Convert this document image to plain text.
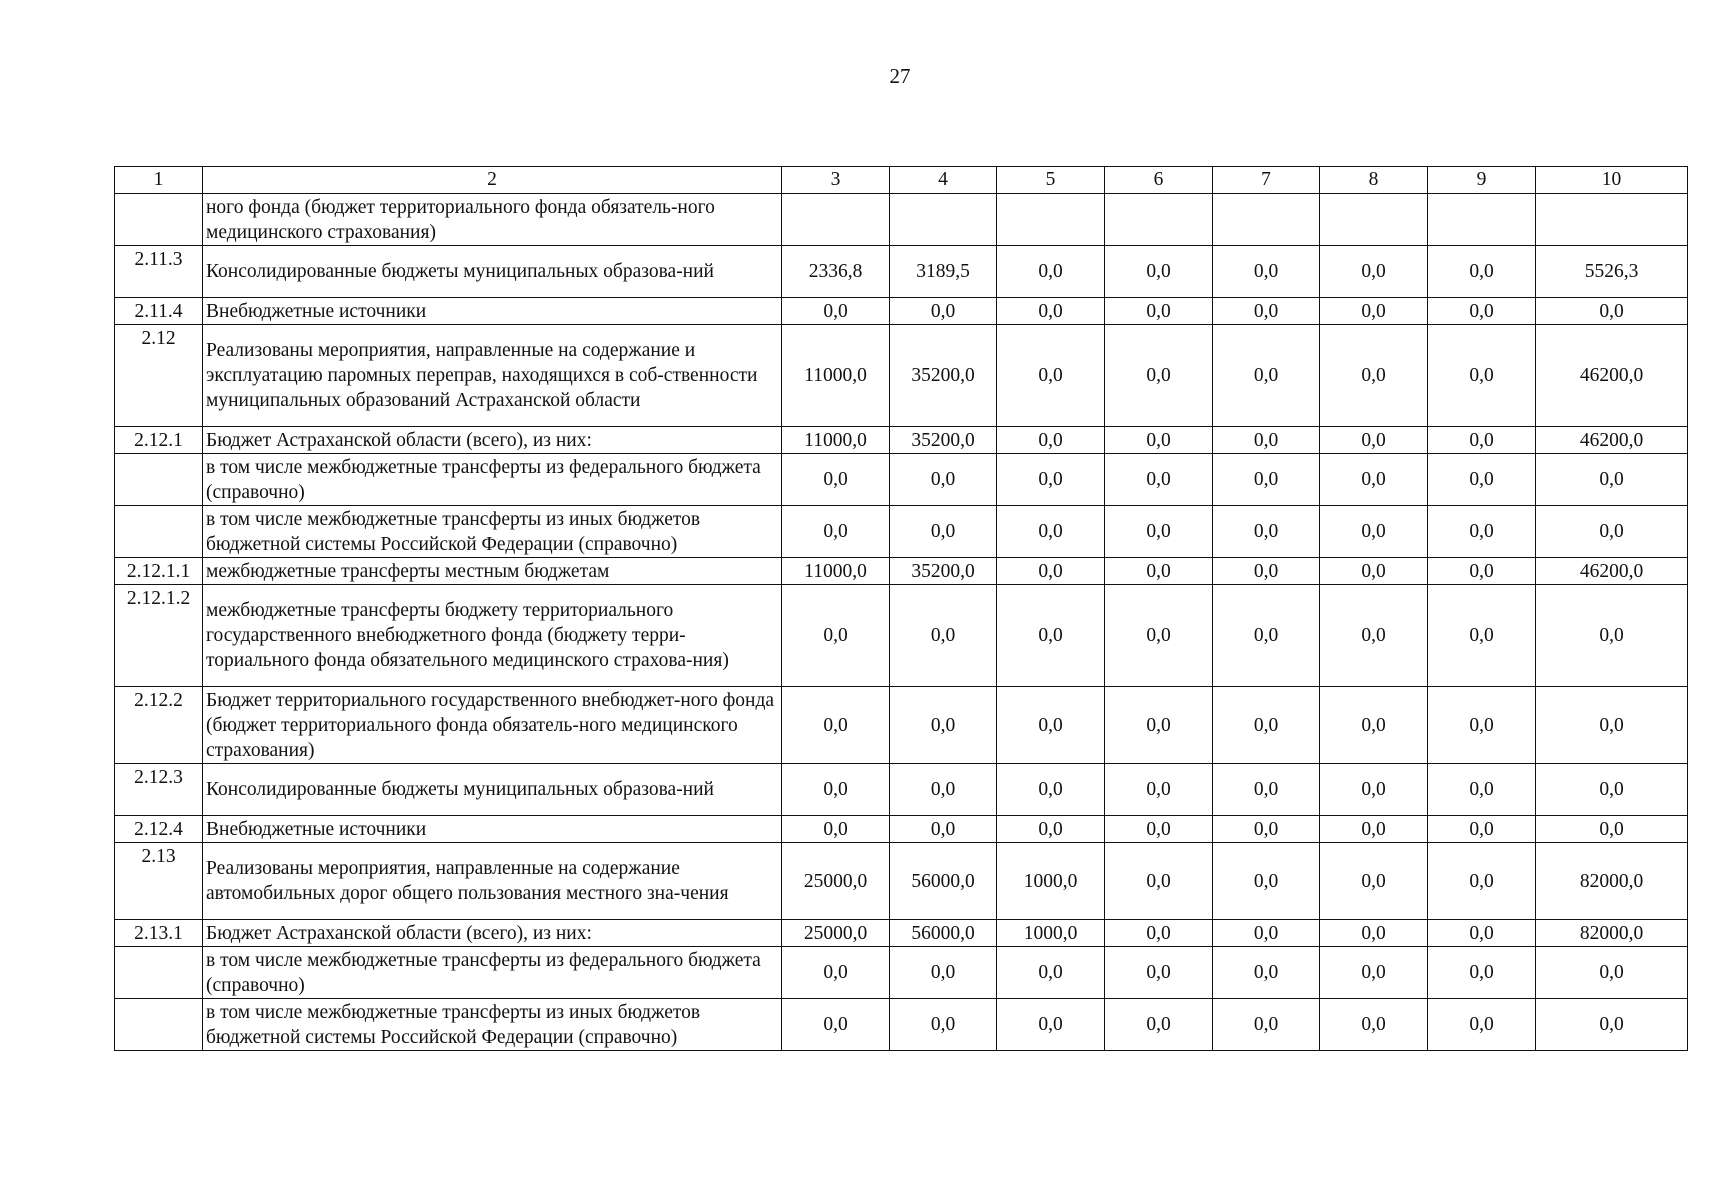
27
1	2	3	4	5	6	7	8	9	10
	ного фонда (бюджет территориального фонда обязатель-ного медицинского страхования)								
2.11.3	Консолидированные бюджеты муниципальных образова-ний	2336,8	3189,5	0,0	0,0	0,0	0,0	0,0	5526,3
2.11.4	Внебюджетные источники	0,0	0,0	0,0	0,0	0,0	0,0	0,0	0,0
2.12	Реализованы мероприятия, направленные на содержание и эксплуатацию паромных переправ, находящихся в соб-ственности муниципальных образований Астраханской области	11000,0	35200,0	0,0	0,0	0,0	0,0	0,0	46200,0
2.12.1	Бюджет Астраханской области (всего), из них:	11000,0	35200,0	0,0	0,0	0,0	0,0	0,0	46200,0
	в том числе межбюджетные трансферты из федерального бюджета (справочно)	0,0	0,0	0,0	0,0	0,0	0,0	0,0	0,0
	в том числе межбюджетные трансферты из иных бюджетов бюджетной системы Российской Федерации (справочно)	0,0	0,0	0,0	0,0	0,0	0,0	0,0	0,0
2.12.1.1	межбюджетные трансферты местным бюджетам	11000,0	35200,0	0,0	0,0	0,0	0,0	0,0	46200,0
2.12.1.2	межбюджетные трансферты бюджету территориального государственного внебюджетного фонда (бюджету терри-ториального фонда обязательного медицинского страхова-ния)	0,0	0,0	0,0	0,0	0,0	0,0	0,0	0,0
2.12.2	Бюджет территориального государственного внебюджет-ного фонда (бюджет территориального фонда обязатель-ного медицинского страхования)	0,0	0,0	0,0	0,0	0,0	0,0	0,0	0,0
2.12.3	Консолидированные бюджеты муниципальных образова-ний	0,0	0,0	0,0	0,0	0,0	0,0	0,0	0,0
2.12.4	Внебюджетные источники	0,0	0,0	0,0	0,0	0,0	0,0	0,0	0,0
2.13	Реализованы мероприятия, направленные на содержание автомобильных дорог общего пользования местного зна-чения	25000,0	56000,0	1000,0	0,0	0,0	0,0	0,0	82000,0
2.13.1	Бюджет Астраханской области (всего), из них:	25000,0	56000,0	1000,0	0,0	0,0	0,0	0,0	82000,0
	в том числе межбюджетные трансферты из федерального бюджета (справочно)	0,0	0,0	0,0	0,0	0,0	0,0	0,0	0,0
	в том числе межбюджетные трансферты из иных бюджетов бюджетной системы Российской Федерации (справочно)	0,0	0,0	0,0	0,0	0,0	0,0	0,0	0,0
